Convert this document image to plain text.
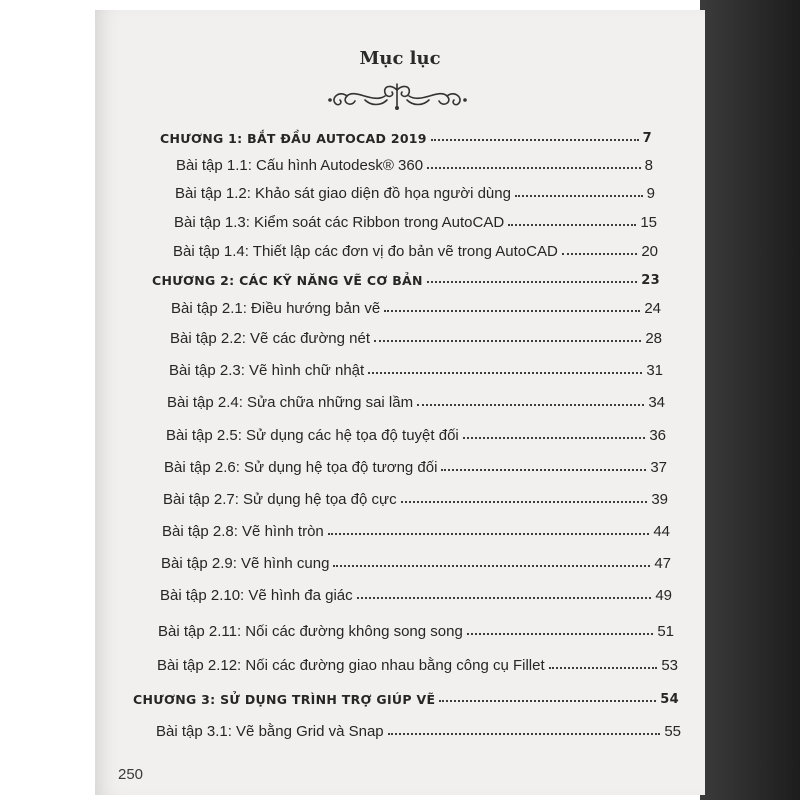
Mục lục
CHƯƠNG 1: BẮT ĐẦU AUTOCAD 2019	7
Bài tập 1.1: Cấu hình Autodesk® 360	8
Bài tập 1.2: Khảo sát giao diện đồ họa người dùng	9
Bài tập 1.3: Kiểm soát các Ribbon trong AutoCAD	15
Bài tập 1.4: Thiết lập các đơn vị đo bản vẽ trong AutoCAD	20
CHƯƠNG 2: CÁC KỸ NĂNG VẼ CƠ BẢN	23
Bài tập 2.1: Điều hướng bản vẽ	24
Bài tập 2.2: Vẽ các đường nét	28
Bài tập 2.3: Vẽ hình chữ nhật	31
Bài tập 2.4: Sửa chữa những sai lầm	34
Bài tập 2.5: Sử dụng các hệ tọa độ tuyệt đối	36
Bài tập 2.6: Sử dụng hệ tọa độ tương đối	37
Bài tập 2.7: Sử dụng hệ tọa độ cực	39
Bài tập 2.8: Vẽ hình tròn	44
Bài tập 2.9: Vẽ hình cung	47
Bài tập 2.10: Vẽ hình đa giác	49
Bài tập 2.11: Nối các đường không song song	51
Bài tập 2.12: Nối các đường giao nhau bằng công cụ Fillet	53
CHƯƠNG 3: SỬ DỤNG TRÌNH TRỢ GIÚP VẼ	54
Bài tập 3.1: Vẽ bằng Grid và Snap	55
250
